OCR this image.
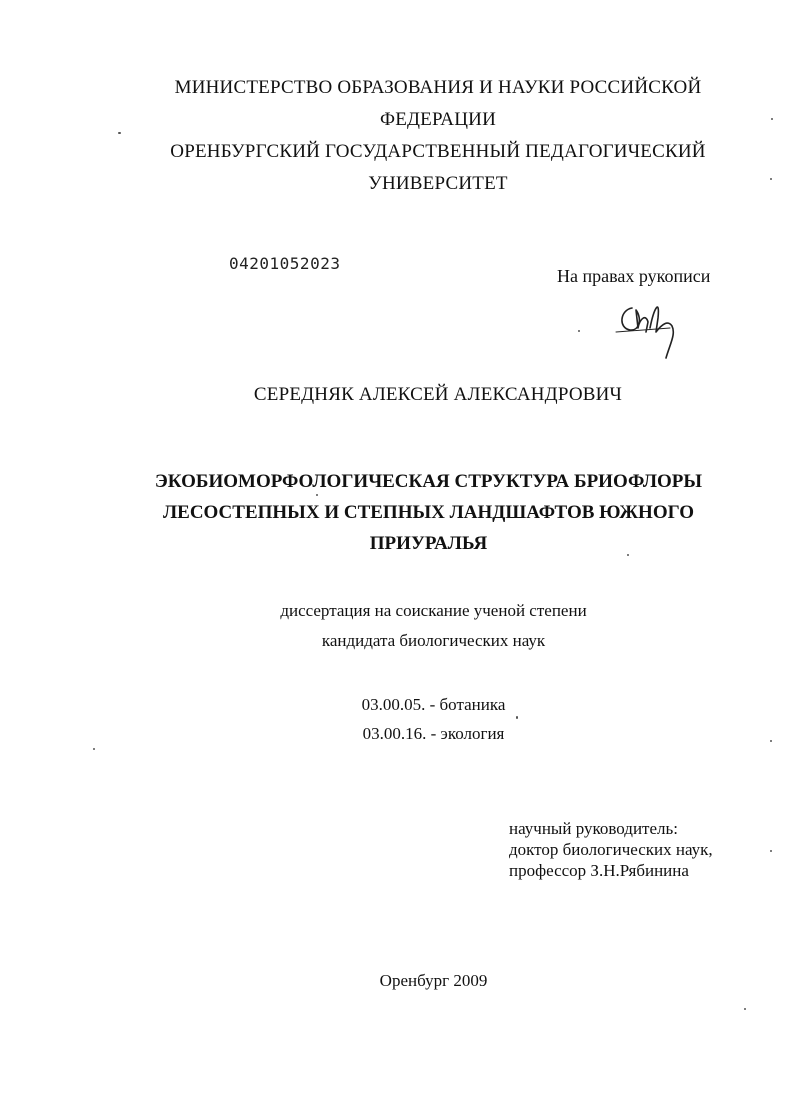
МИНИСТЕРСТВО ОБРАЗОВАНИЯ И НАУКИ РОССИЙСКОЙ
ФЕДЕРАЦИИ
ОРЕНБУРГСКИЙ ГОСУДАРСТВЕННЫЙ ПЕДАГОГИЧЕСКИЙ
УНИВЕРСИТЕТ
04201052023
На правах рукописи
СЕРЕДНЯК АЛЕКСЕЙ АЛЕКСАНДРОВИЧ
ЭКОБИОМОРФОЛОГИЧЕСКАЯ СТРУКТУРА БРИОФЛОРЫ
ЛЕСОСТЕПНЫХ И СТЕПНЫХ ЛАНДШАФТОВ ЮЖНОГО
ПРИУРАЛЬЯ
диссертация на соискание ученой степени
кандидата биологических наук
03.00.05. - ботаника
03.00.16. - экология
научный руководитель:
доктор биологических наук,
профессор З.Н.Рябинина
Оренбург 2009
